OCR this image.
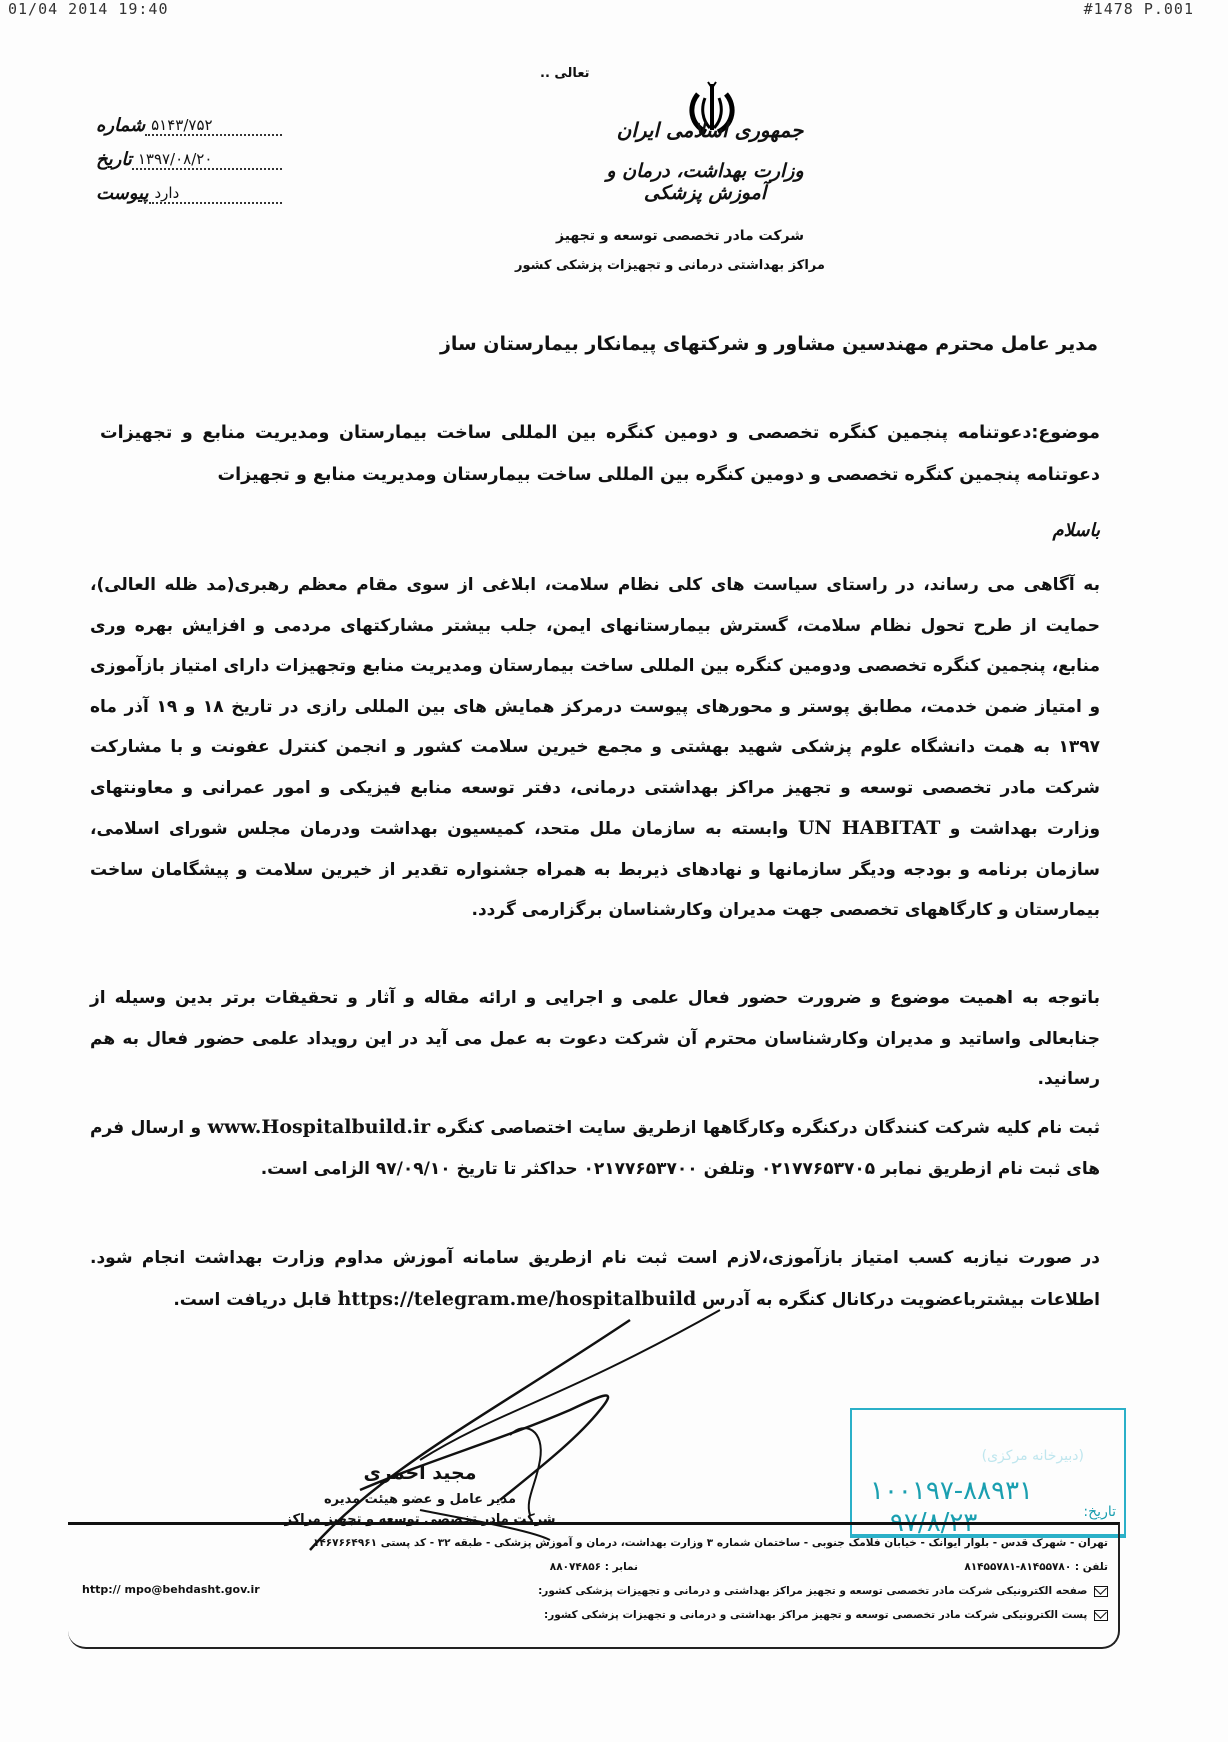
01/04 2014 19:40	#1478 P.001
تعالی ..
جمهوری اسلامی ایران
وزارت بهداشت، درمان و آموزش پزشکی
شرکت مادر تخصصی توسعه و تجهیز
مراکز بهداشتی درمانی و تجهیزات پزشکی کشور
شماره ۵۱۴۳/۷۵۲
تاریخ ۱۳۹۷/۰۸/۲۰
پیوست دارد
مدیر عامل محترم مهندسین مشاور و شرکتهای پیمانکار بیمارستان ساز
موضوع:دعوتنامه پنجمین کنگره تخصصی و دومین کنگره بین المللی ساخت بیمارستان ومدیریت منابع و تجهیزات دعوتنامه پنجمین کنگره تخصصی و دومین کنگره بین المللی ساخت بیمارستان ومدیریت منابع و تجهیزات
باسلام
به آگاهی می رساند، در راستای سیاست های کلی نظام سلامت، ابلاغی از سوی مقام معظم رهبری(مد ظله العالی)، حمایت از طرح تحول نظام سلامت، گسترش بیمارستانهای ایمن، جلب بیشتر مشارکتهای مردمی و افزایش بهره وری منابع، پنجمین کنگره تخصصی ودومین کنگره بین المللی ساخت بیمارستان ومدیریت منابع وتجهیزات دارای امتیاز بازآموزی و امتیاز ضمن خدمت، مطابق پوستر و محورهای پیوست درمرکز همایش های بین المللی رازی در تاریخ ۱۸ و ۱۹ آذر ماه ۱۳۹۷ به همت دانشگاه علوم پزشکی شهید بهشتی و مجمع خیرین سلامت کشور و انجمن کنترل عفونت و با مشارکت شرکت مادر تخصصی توسعه و تجهیز مراکز بهداشتی درمانی، دفتر توسعه منابع فیزیکی و امور عمرانی و معاونتهای وزارت بهداشت و UN HABITAT وابسته به سازمان ملل متحد، کمیسیون بهداشت ودرمان مجلس شورای اسلامی، سازمان برنامه و بودجه ودیگر سازمانها و نهادهای ذیربط به همراه جشنواره تقدیر از خیرین سلامت و پیشگامان ساخت بیمارستان و کارگاههای تخصصی جهت مدیران وکارشناسان برگزارمی گردد.
باتوجه به اهمیت موضوع و ضرورت حضور فعال علمی و اجرایی و ارائه مقاله و آثار و تحقیقات برتر بدین وسیله از جنابعالی واساتید و مدیران وکارشناسان محترم آن شرکت دعوت به عمل می آید در این رویداد علمی حضور فعال به هم رسانید.
ثبت نام کلیه شرکت کنندگان درکنگره وکارگاهها ازطریق سایت اختصاصی کنگره www.Hospitalbuild.ir و ارسال فرم های ثبت نام ازطریق نمابر ۰۲۱۷۷۶۵۳۷۰۵ وتلفن ۰۲۱۷۷۶۵۳۷۰۰ حداکثر تا تاریخ ۹۷/۰۹/۱۰ الزامی است.
در صورت نیازبه کسب امتیاز بازآموزی،لازم است ثبت نام ازطریق سامانه آموزش مداوم وزارت بهداشت انجام شود. اطلاعات بیشترباعضویت درکانال کنگره به آدرس https://telegram.me/hospitalbuild قابل دریافت است.
مجید احمری
مدیر عامل و عضو هیئت مدیره
شرکت مادر تخصصی توسعه و تجهیز مراکز
(دبیرخانه مرکزی)
۱۰۰۱۹۷-۸۸۹۳۱
۹۷/۸/۲۳	تاریخ:
تهران - شهرک قدس - بلوار ایوانک - خیابان فلامک جنوبی - ساختمان شماره ۳ وزارت بهداشت، درمان و آموزش پزشکی - طبقه ۳۲ - کد پستی ۱۴۶۷۶۶۴۹۶۱
تلفن : ۸۱۴۵۵۷۸۰-۸۱۴۵۵۷۸۱
نمابر : ۸۸۰۷۴۸۵۶
صفحه الکترونیکی شرکت مادر تخصصی توسعه و تجهیز مراکز بهداشتی و درمانی و تجهیزات پزشکی کشور:
http:// mpo@behdasht.gov.ir
پست الکترونیکی شرکت مادر تخصصی توسعه و تجهیز مراکز بهداشتی و درمانی و تجهیزات پزشکی کشور:
